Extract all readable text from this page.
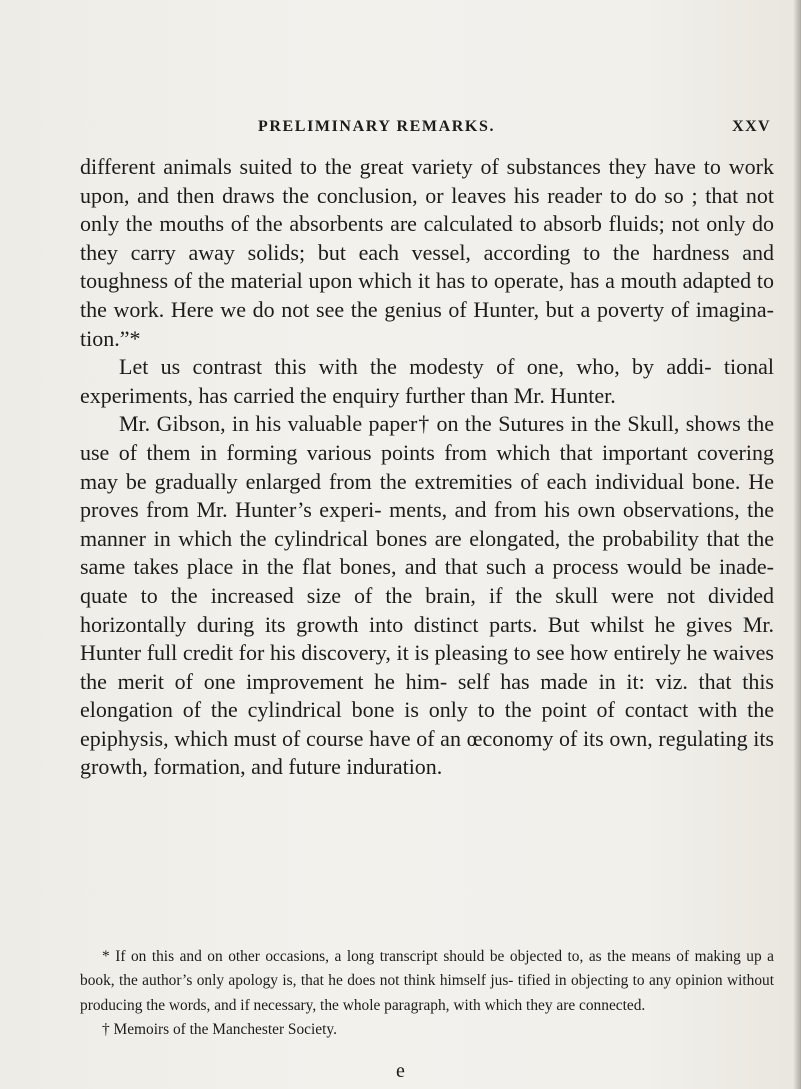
PRELIMINARY REMARKS.	XXV

different animals suited to the great variety of substances they have to work upon, and then draws the conclusion, or leaves his reader to do so ; that not only the mouths of the absorbents are calculated to absorb fluids; not only do they carry away solids; but each vessel, according to the hardness and toughness of the material upon which it has to operate, has a mouth adapted to the work. Here we do not see the genius of Hunter, but a poverty of imagina- tion.”*

Let us contrast this with the modesty of one, who, by addi- tional experiments, has carried the enquiry further than Mr. Hunter.

Mr. Gibson, in his valuable paper† on the Sutures in the Skull, shows the use of them in forming various points from which that important covering may be gradually enlarged from the extremities of each individual bone. He proves from Mr. Hunter’s experi- ments, and from his own observations, the manner in which the cylindrical bones are elongated, the probability that the same takes place in the flat bones, and that such a process would be inade- quate to the increased size of the brain, if the skull were not divided horizontally during its growth into distinct parts. But whilst he gives Mr. Hunter full credit for his discovery, it is pleasing to see how entirely he waives the merit of one improvement he him- self has made in it: viz. that this elongation of the cylindrical bone is only to the point of contact with the epiphysis, which must of course have of an œconomy of its own, regulating its growth, formation, and future induration.

* If on this and on other occasions, a long transcript should be objected to, as the means of making up a book, the author’s only apology is, that he does not think himself jus- tified in objecting to any opinion without producing the words, and if necessary, the whole paragraph, with which they are connected.

† Memoirs of the Manchester Society.

e
